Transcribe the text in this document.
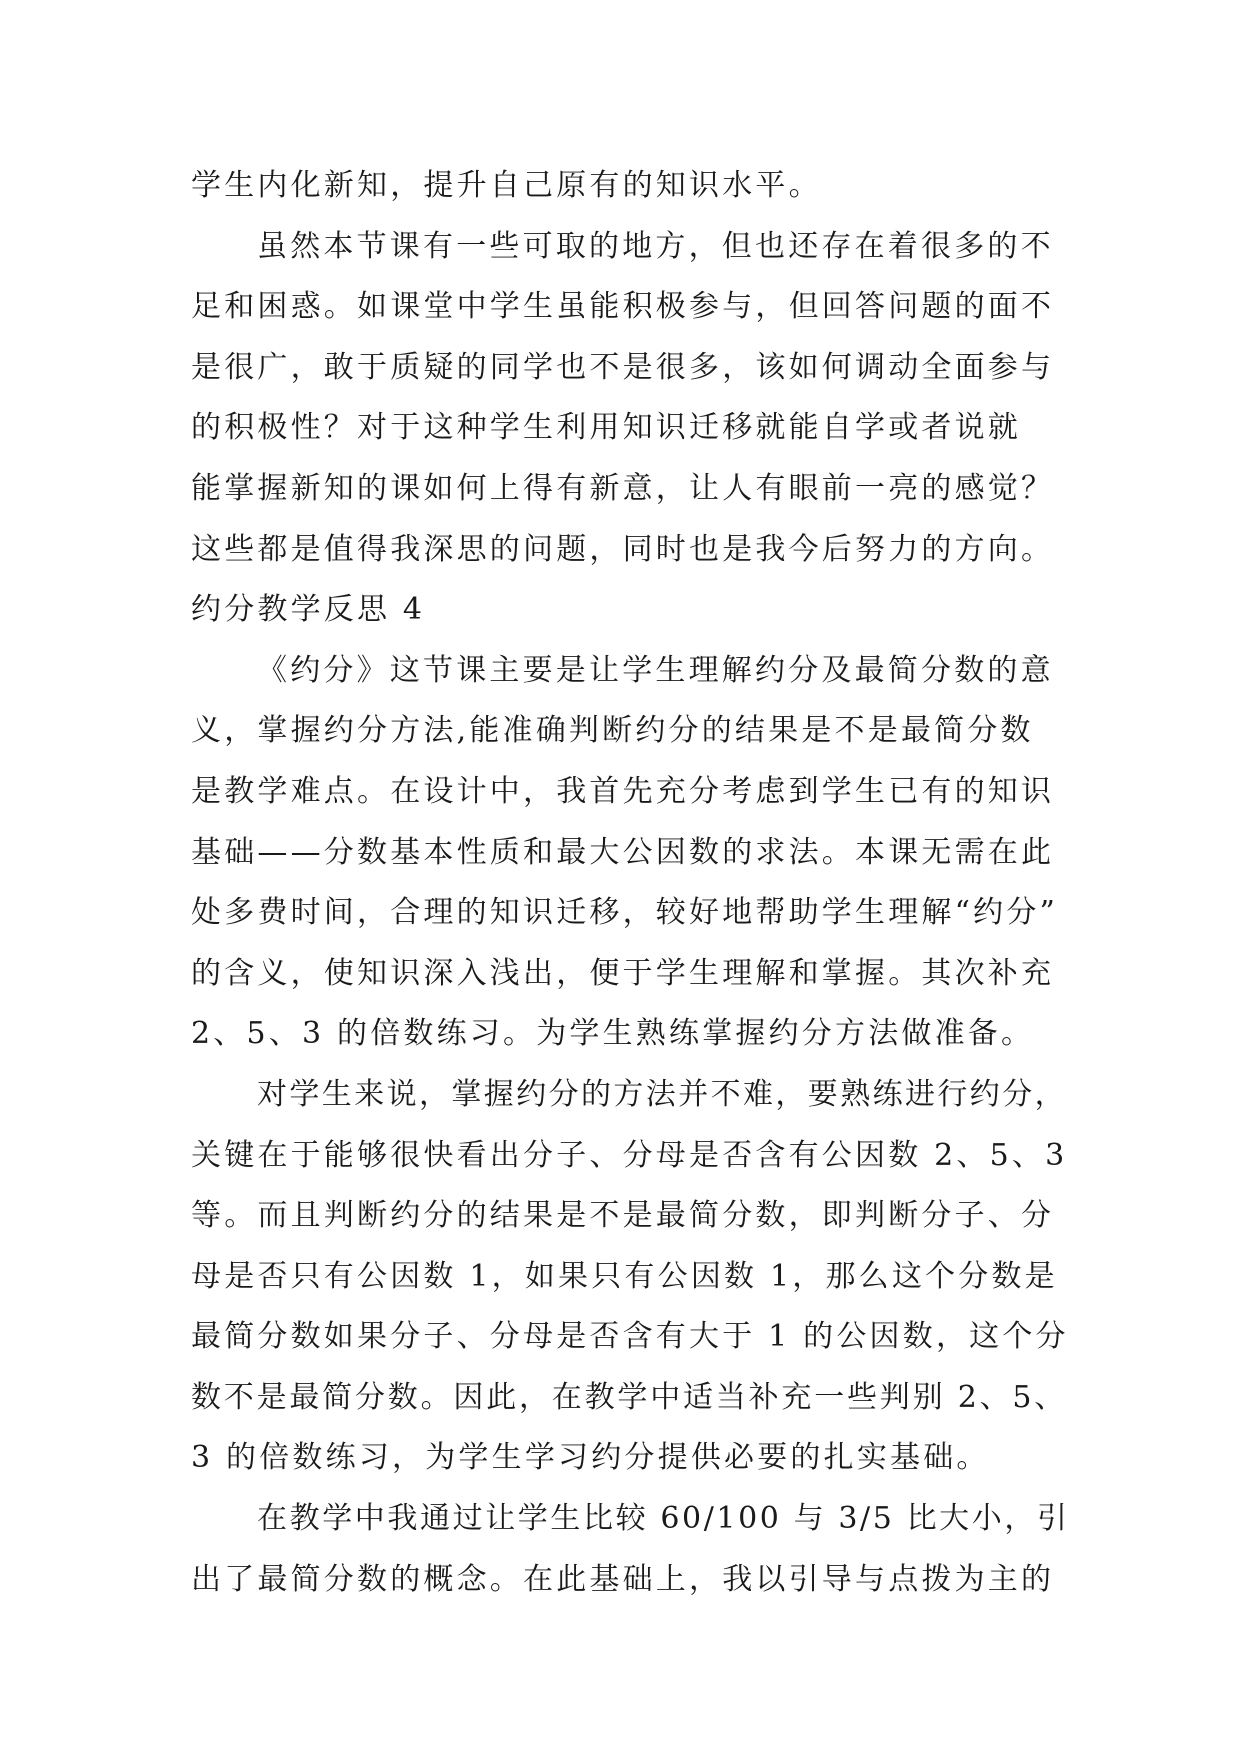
学生内化新知，提升自己原有的知识水平。
虽然本节课有一些可取的地方，但也还存在着很多的不
足和困惑。如课堂中学生虽能积极参与，但回答问题的面不
是很广，敢于质疑的同学也不是很多，该如何调动全面参与
的积极性？对于这种学生利用知识迁移就能自学或者说就
能掌握新知的课如何上得有新意，让人有眼前一亮的感觉？
这些都是值得我深思的问题，同时也是我今后努力的方向。
约分教学反思 4
《约分》这节课主要是让学生理解约分及最简分数的意
义，掌握约分方法,能准确判断约分的结果是不是最简分数
是教学难点。在设计中，我首先充分考虑到学生已有的知识
基础——分数基本性质和最大公因数的求法。本课无需在此
处多费时间，合理的知识迁移，较好地帮助学生理解“约分”
的含义，使知识深入浅出，便于学生理解和掌握。其次补充
2、5、3 的倍数练习。为学生熟练掌握约分方法做准备。
对学生来说，掌握约分的方法并不难，要熟练进行约分，
关键在于能够很快看出分子、分母是否含有公因数 2、5、3
等。而且判断约分的结果是不是最简分数，即判断分子、分
母是否只有公因数 1，如果只有公因数 1，那么这个分数是
最简分数如果分子、分母是否含有大于 1 的公因数，这个分
数不是最简分数。因此，在教学中适当补充一些判别 2、5、
3 的倍数练习，为学生学习约分提供必要的扎实基础。
在教学中我通过让学生比较 60/100 与 3/5 比大小，引
出了最简分数的概念。在此基础上，我以引导与点拨为主的
